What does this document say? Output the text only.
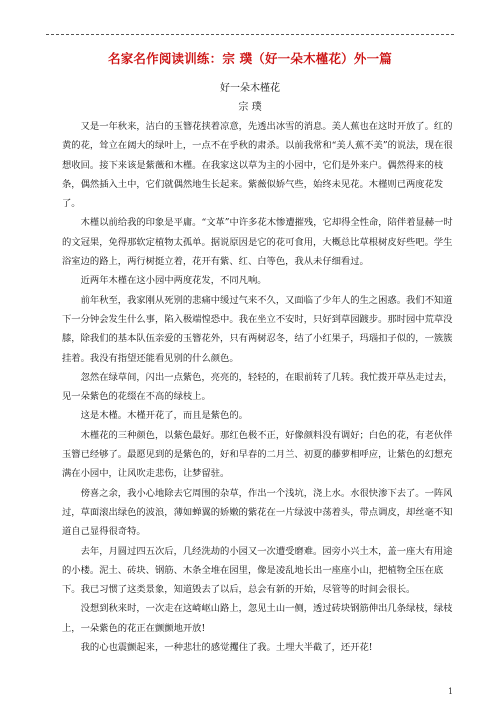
名家名作阅读训练：宗 璞（好一朵木槿花）外一篇
好一朵木槿花
宗 璞

又是一年秋来，洁白的玉簪花挟着凉意，先透出冰雪的消息。美人蕉也在这时开放了。红的黄的花，耸立在阔大的绿叶上，一点不在乎秋的肃杀。以前我常和“美人蕉不美”的说法，现在很想收回。接下来该是紫薇和木槿。在我家这以草为主的小园中，它们是外来户。偶然得来的枝条，偶然插入土中，它们就偶然地生长起来。紫薇似娇气些，始终未见花。木槿则已两度花发了。

木槿以前给我的印象是平庸。“文革”中许多花木惨遭摧残，它却得全性命，陪伴着显赫一时的文冠果，免得那软定植物太孤单。据说原因是它的花可食用，大概总比草根树皮好些吧。学生浴室边的路上，两行树挺立着，花开有紫、红、白等色，我从未仔细看过。

近两年木槿在这小园中两度花发，不同凡响。

前年秋至，我家刚从死别的悲痛中缓过气来不久，又面临了少年人的生之困惑。我们不知道下一分钟会发生什么事，陷入极端惶恐中。我在坐立不安时，只好到草园踱步。那时园中荒草没膝，除我们的基本队伍亲爱的玉簪花外，只有两树忍冬，结了小红果子，玛瑙扣子似的，一簇簇挂着。我没有指望还能看见别的什么颜色。

忽然在绿草间，闪出一点紫色，亮亮的，轻轻的，在眼前转了几转。我忙拨开草丛走过去，见一朵紫色的花缀在不高的绿枝上。

这是木槿。木槿开花了，而且是紫色的。

木槿花的三种颜色，以紫色最好。那红色极不正，好像颜料没有调好；白色的花，有老伙伴玉簪已经够了。最愿见到的是紫色的，好和早春的二月兰、初夏的藤萝相呼应，让紫色的幻想充满在小园中，让风吹走悲伤，让梦留驻。

傍喜之余，我小心地除去它周围的杂草，作出一个浅坑，浇上水。水很快渗下去了。一阵风过，草面滚出绿色的波浪，薄如蝉翼的娇嫩的紫花在一片绿波中荡着头，带点调皮，却丝毫不知道自己显得很奇特。

去年，月圆过四五次后，几经洗劫的小园又一次遭受磨难。园旁小兴土木，盖一座大有用途的小楼。泥土、砖块、钢筋、木条全堆在园里，像是凌乱地长出一座座小山，把植物全压在底下。我已习惯了这类景象，知道毁去了以后，总会有新的开始，尽管等的时间会很长。

没想到秋来时，一次走在这崎岖山路上，忽见土山一侧，透过砖块钢筋伸出几条绿枝，绿枝上，一朵紫色的花正在颤颤地开放!

我的心也震颤起来，一种悲壮的感觉攫住了我。土埋大半截了，还开花!

1
